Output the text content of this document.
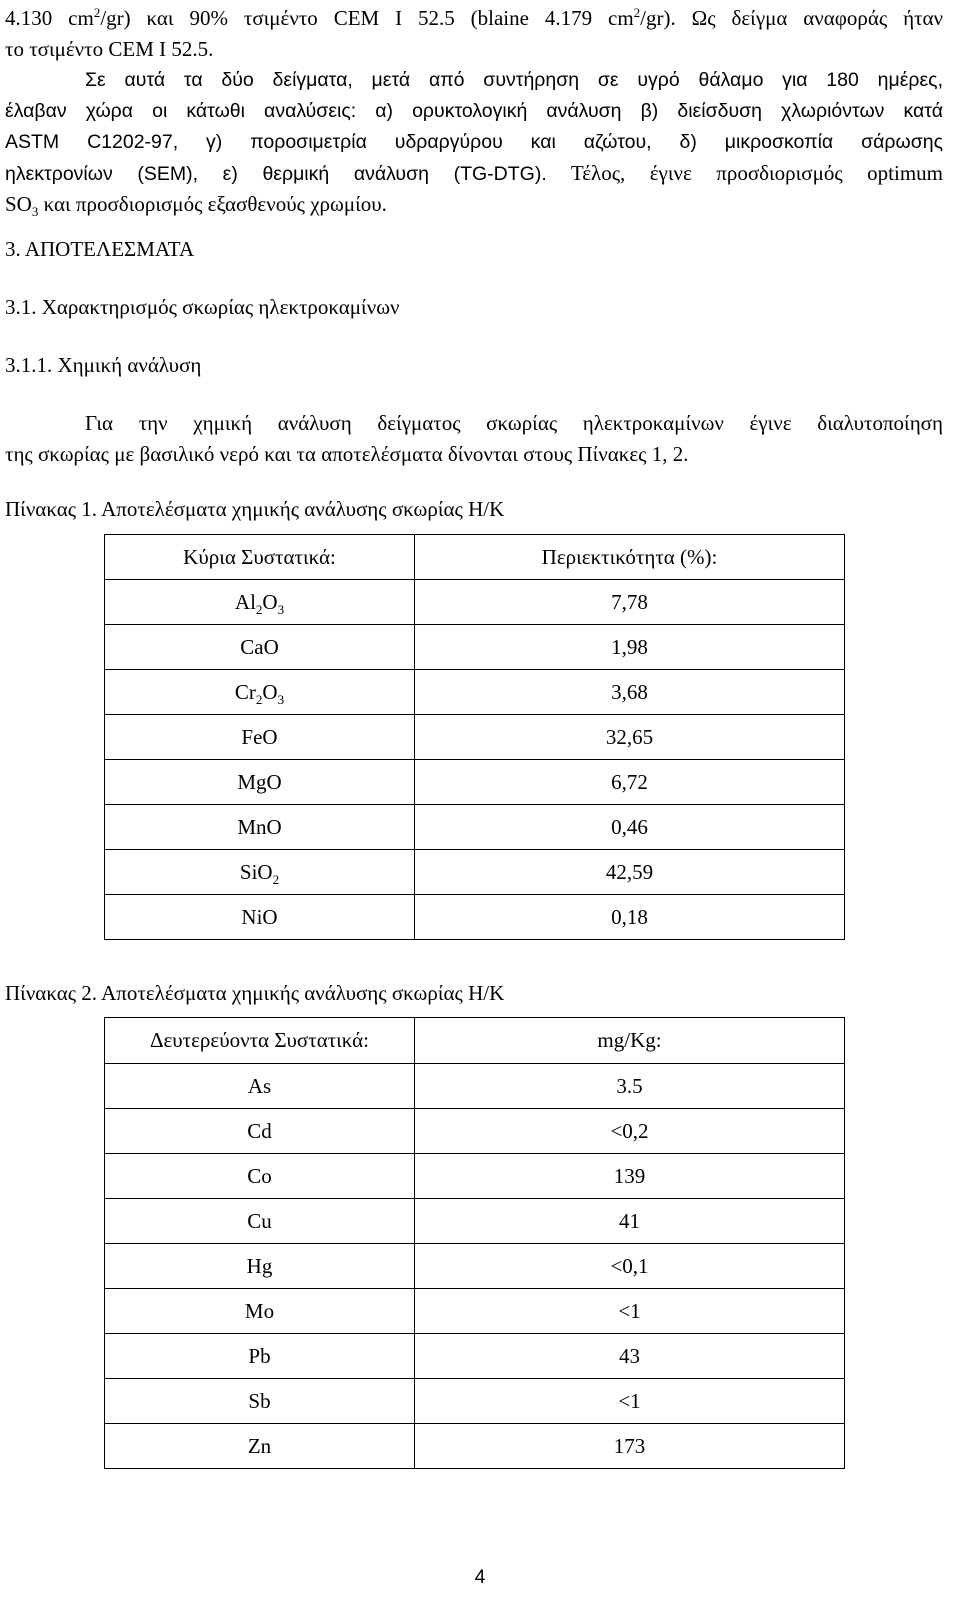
4.130 $cm^2/gr$) και 90% τσιμέντο CEM I 52.5 (blaine 4.179 $cm^2/gr$). Ως δείγμα αναφοράς ήταν

το τσιμέντο CEM I 52.5.

Σε αυτά τα δύο δείγματα, μετά από συντήρηση σε υγρό θάλαμο για 180 ημέρες,

έλαβαν χώρα οι κάτωθι αναλύσεις: α) ορυκτολογική ανάλυση β) διείσδυση χλωριόντων κατά

ASTM C1202-97, γ) ποροσιμετρία υδραργύρου και αζώτου, δ) μικροσκοπία σάρωσης

ηλεκτρονίων (SEM), ε) θερμική ανάλυση (TG-DTG). Τέλος, έγινε προσδιορισμός optimum

$SO_3$ και προσδιορισμός εξασθενούς χρωμίου.

3. ΑΠΟΤΕΛΕΣΜΑΤΑ

3.1. Χαρακτηρισμός σκωρίας ηλεκτροκαμίνων

3.1.1. Χημική ανάλυση

Για την χημική ανάλυση δείγματος σκωρίας ηλεκτροκαμίνων έγινε διαλυτοποίηση

της σκωρίας με βασιλικό νερό και τα αποτελέσματα δίνονται στους Πίνακες 1, 2.

Πίνακας 1. Αποτελέσματα χημικής ανάλυσης σκωρίας Η/Κ

Κύρια Συστατικά:	Περιεκτικότητα (%):
$Al_2O_3$	7,78
CaO	1,98
$Cr_2O_3$	3,68
FeO	32,65
MgO	6,72
MnO	0,46
SiO$_2$	42,59
NiO	0,18

Πίνακας 2. Αποτελέσματα χημικής ανάλυσης σκωρίας Η/Κ

Δευτερεύοντα Συστατικά:	mg/Kg:
As	3.5
Cd	<0,2
Co	139
Cu	41
Hg	<0,1
Mo	<1
Pb	43
Sb	<1
Zn	173
4
